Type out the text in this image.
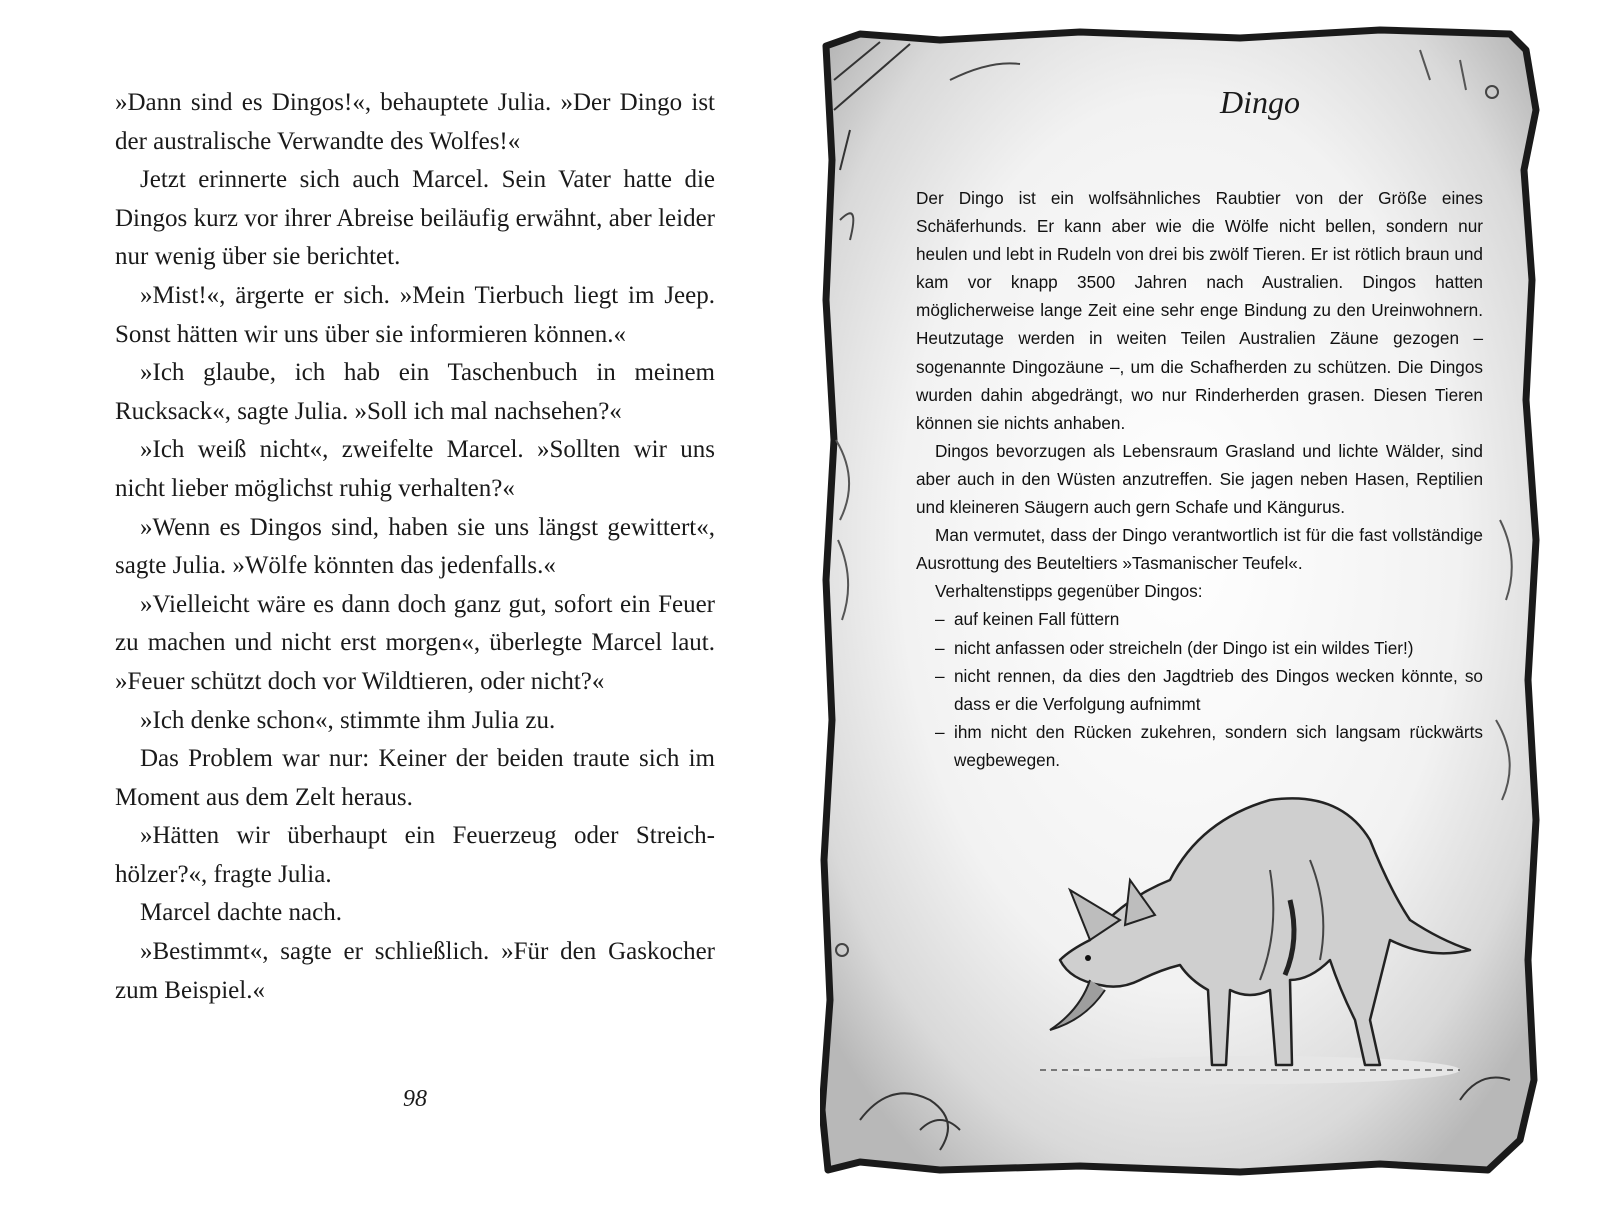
»Dann sind es Dingos!«, behauptete Julia. »Der Dingo ist der australische Verwandte des Wolfes!«

Jetzt erinnerte sich auch Marcel. Sein Vater hatte die Dingos kurz vor ihrer Abreise beiläufig erwähnt, aber leider nur wenig über sie berichtet.

»Mist!«, ärgerte er sich. »Mein Tierbuch liegt im Jeep. Sonst hätten wir uns über sie informieren können.«

»Ich glaube, ich hab ein Taschenbuch in meinem Rucksack«, sagte Julia. »Soll ich mal nachsehen?«

»Ich weiß nicht«, zweifelte Marcel. »Sollten wir uns nicht lieber möglichst ruhig verhalten?«

»Wenn es Dingos sind, haben sie uns längst gewittert«, sagte Julia. »Wölfe könnten das jedenfalls.«

»Vielleicht wäre es dann doch ganz gut, sofort ein Feuer zu machen und nicht erst morgen«, überlegte Marcel laut. »Feuer schützt doch vor Wildtieren, oder nicht?«

»Ich denke schon«, stimmte ihm Julia zu.

Das Problem war nur: Keiner der beiden traute sich im Moment aus dem Zelt heraus.

»Hätten wir überhaupt ein Feuerzeug oder Streichhölzer?«, fragte Julia.

Marcel dachte nach.

»Bestimmt«, sagte er schließlich. »Für den Gaskocher zum Beispiel.«

98
Dingo

Der Dingo ist ein wolfsähnliches Raubtier von der Größe eines Schäferhunds. Er kann aber wie die Wölfe nicht bellen, sondern nur heulen und lebt in Rudeln von drei bis zwölf Tieren. Er ist rötlich braun und kam vor knapp 3500 Jahren nach Australien. Dingos hatten möglicherweise lange Zeit eine sehr enge Bindung zu den Ureinwohnern. Heutzutage werden in weiten Teilen Australien Zäune gezogen – sogenannte Dingozäune –, um die Schafherden zu schützen. Die Dingos wurden dahin abgedrängt, wo nur Rinderherden grasen. Diesen Tieren können sie nichts anhaben.

Dingos bevorzugen als Lebensraum Grasland und lichte Wälder, sind aber auch in den Wüsten anzutreffen. Sie jagen neben Hasen, Reptilien und kleineren Säugern auch gern Schafe und Kängurus.

Man vermutet, dass der Dingo verantwortlich ist für die fast vollständige Ausrottung des Beuteltiers »Tasmanischer Teufel«.

Verhaltenstipps gegenüber Dingos:

– auf keinen Fall füttern
– nicht anfassen oder streicheln (der Dingo ist ein wildes Tier!)
– nicht rennen, da dies den Jagdtrieb des Dingos wecken könnte, so dass er die Verfolgung aufnimmt
– ihm nicht den Rücken zukehren, sondern sich langsam rückwärts wegbewegen.
